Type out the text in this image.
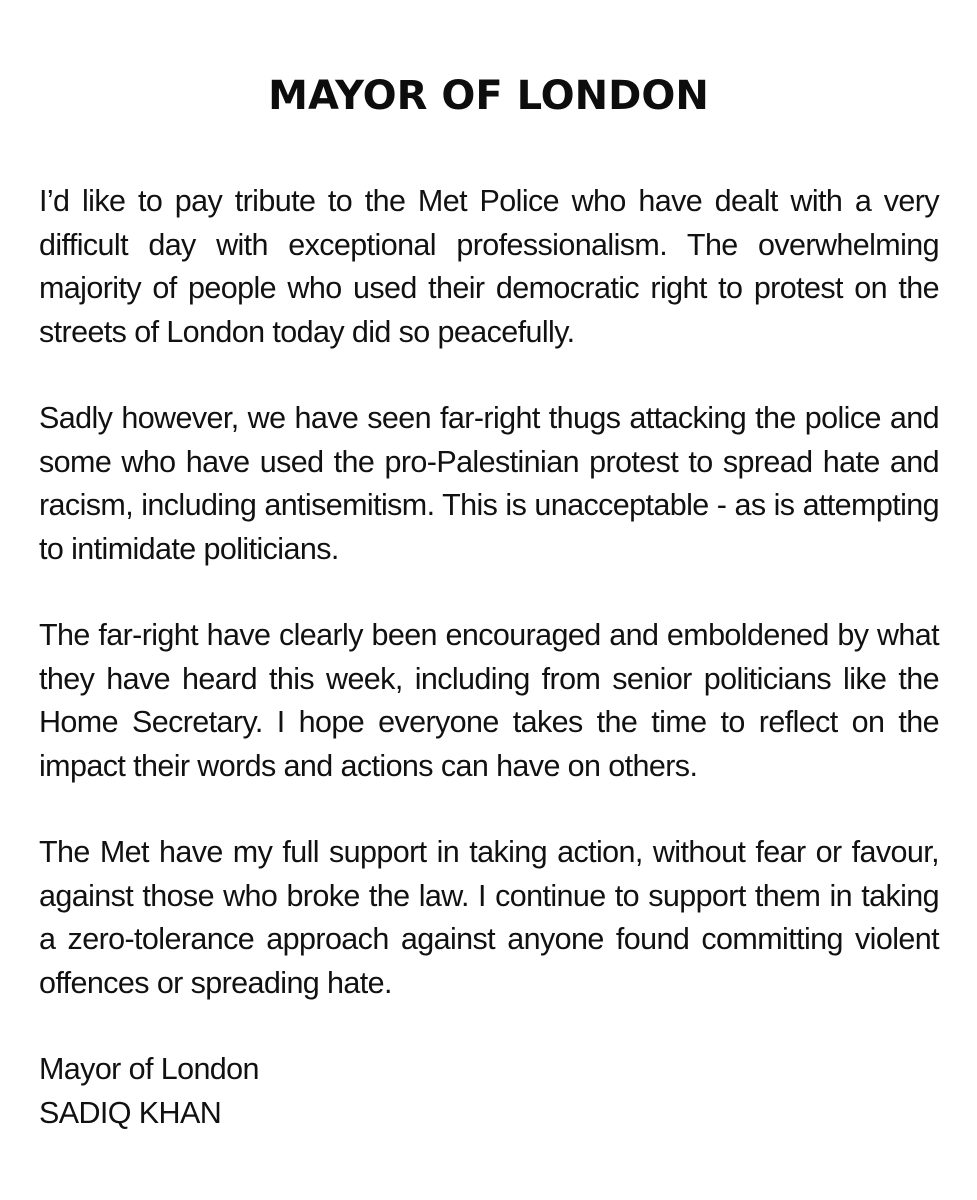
MAYOR OF LONDON

I’d like to pay tribute to the Met Police who have dealt with a very difficult day with exceptional professionalism. The overwhelming majority of people who used their democratic right to protest on the streets of London today did so peacefully.

Sadly however, we have seen far-right thugs attacking the police and some who have used the pro-Palestinian protest to spread hate and racism, including antisemitism. This is unacceptable - as is attempting to intimidate politicians.

The far-right have clearly been encouraged and emboldened by what they have heard this week, including from senior politicians like the Home Secretary. I hope everyone takes the time to reflect on the impact their words and actions can have on others.

The Met have my full support in taking action, without fear or favour, against those who broke the law. I continue to support them in taking a zero-tolerance approach against anyone found committing violent offences or spreading hate.

Mayor of London
SADIQ KHAN
